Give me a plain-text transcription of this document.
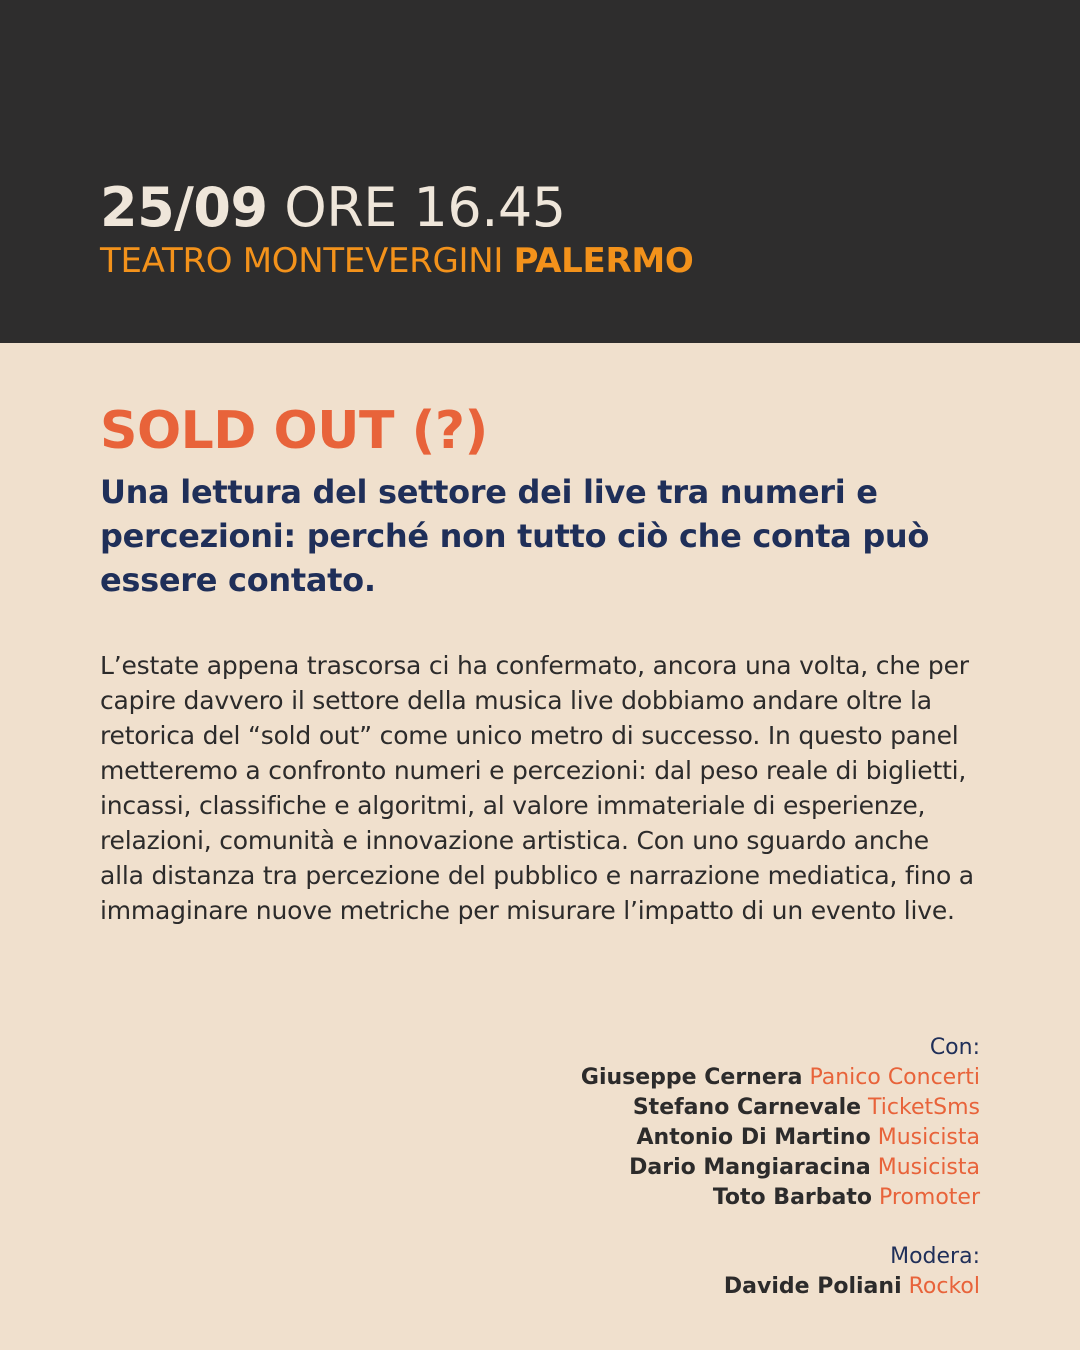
25/09 ORE 16.45
TEATRO MONTEVERGINI PALERMO
SOLD OUT (?)
Una lettura del settore dei live tra numeri e percezioni: perché non tutto ciò che conta può essere contato.
L’estate appena trascorsa ci ha confermato, ancora una volta, che per capire davvero il settore della musica live dobbiamo andare oltre la retorica del “sold out” come unico metro di successo. In questo panel metteremo a confronto numeri e percezioni: dal peso reale di biglietti, incassi, classifiche e algoritmi, al valore immateriale di esperienze, relazioni, comunità e innovazione artistica. Con uno sguardo anche alla distanza tra percezione del pubblico e narrazione mediatica, fino a immaginare nuove metriche per misurare l’impatto di un evento live.
Con:
Giuseppe Cernera Panico Concerti
Stefano Carnevale TicketSms
Antonio Di Martino Musicista
Dario Mangiaracina Musicista
Toto Barbato Promoter
Modera:
Davide Poliani Rockol
